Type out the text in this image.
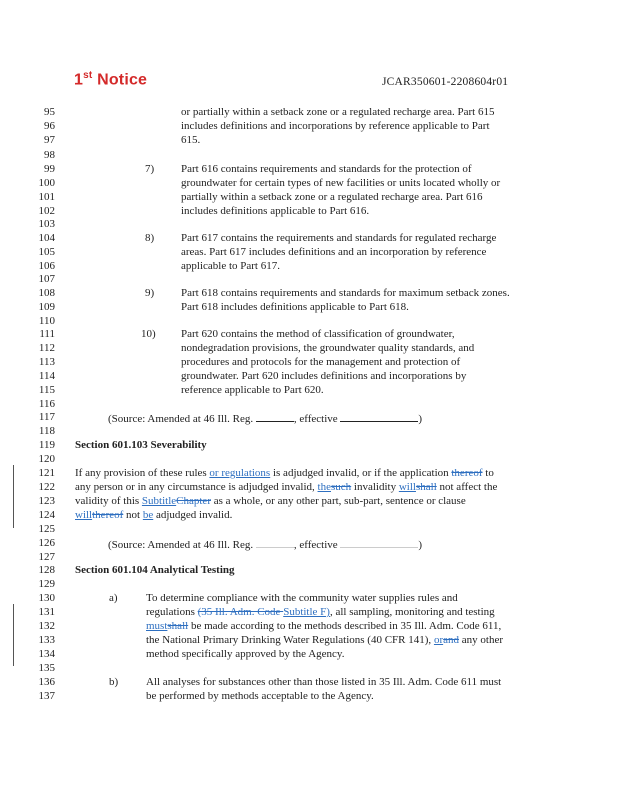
1st Notice	JCAR350601-2208604r01
95
96
97
98
99
100
101
102
103
104
105
106
107
108
109
110
111
112
113
114
115
116
117
118
119
120
121
122
123
124
125
126
127
128
129
130
131
132
133
134
135
136
137
or partially within a setback zone or a regulated recharge area. Part 615
includes definitions and incorporations by reference applicable to Part
615.
7) Part 616 contains requirements and standards for the protection of
groundwater for certain types of new facilities or units located wholly or
partially within a setback zone or a regulated recharge area. Part 616
includes definitions applicable to Part 616.
8) Part 617 contains the requirements and standards for regulated recharge
areas. Part 617 includes definitions and an incorporation by reference
applicable to Part 617.
9) Part 618 contains requirements and standards for maximum setback zones.
Part 618 includes definitions applicable to Part 618.
10) Part 620 contains the method of classification of groundwater,
nondegradation provisions, the groundwater quality standards, and
procedures and protocols for the management and protection of
groundwater. Part 620 includes definitions and incorporations by
reference applicable to Part 620.
(Source: Amended at 46 Ill. Reg.	, effective	)
Section 601.103 Severability
If any provision of these rules or regulations is adjudged invalid, or if the application thereof to
any person or in any circumstance is adjudged invalid, thesuch invalidity willshall not affect the
validity of this SubtitleChapter as a whole, or any other part, sub-part, sentence or clause
willthereof not be adjudged invalid.
(Source: Amended at 46 Ill. Reg.	, effective	)
Section 601.104 Analytical Testing
a)	To determine compliance with the community water supplies rules and
regulations (35 Ill. Adm. Code Subtitle F), all sampling, monitoring and testing
mustshall be made according to the methods described in 35 Ill. Adm. Code 611,
the National Primary Drinking Water Regulations (40 CFR 141), orand any other
method specifically approved by the Agency.
b)	All analyses for substances other than those listed in 35 Ill. Adm. Code 611 must
be performed by methods acceptable to the Agency.
